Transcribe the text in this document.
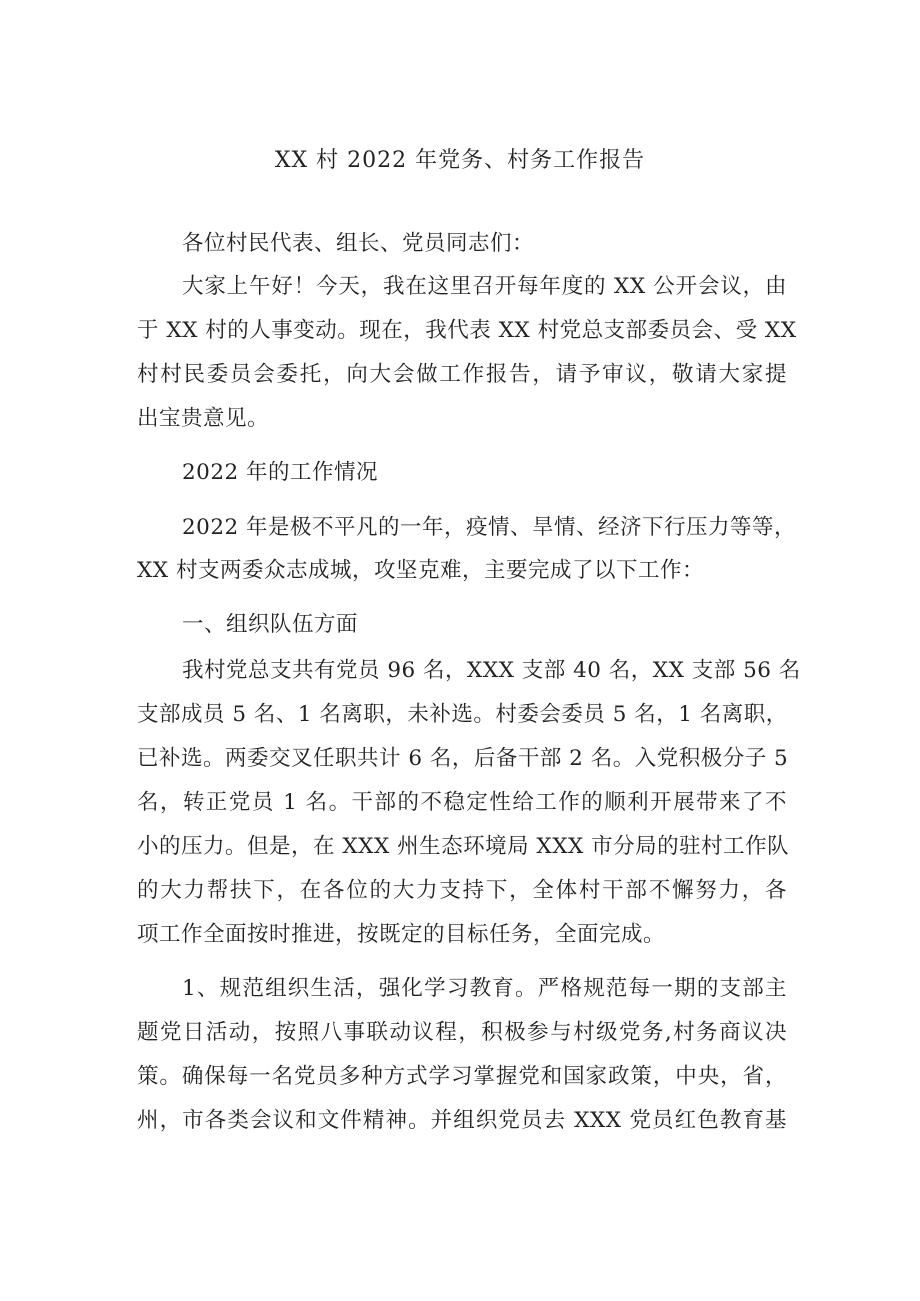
XX 村 2022 年党务、村务工作报告
各位村民代表、组长、党员同志们：
大家上午好！今天，我在这里召开每年度的 XX 公开会议，由
于 XX 村的人事变动。现在，我代表 XX 村党总支部委员会、受 XX
村村民委员会委托，向大会做工作报告，请予审议，敬请大家提
出宝贵意见。
2022 年的工作情况
2022 年是极不平凡的一年，疫情、旱情、经济下行压力等等，
XX 村支两委众志成城，攻坚克难，主要完成了以下工作：
一、组织队伍方面
我村党总支共有党员 96 名，XXX 支部 40 名，XX 支部 56 名
支部成员 5 名、1 名离职，未补选。村委会委员 5 名，1 名离职，
已补选。两委交叉任职共计 6 名，后备干部 2 名。入党积极分子 5
名，转正党员 1 名。干部的不稳定性给工作的顺利开展带来了不
小的压力。但是，在 XXX 州生态环境局 XXX 市分局的驻村工作队
的大力帮扶下，在各位的大力支持下，全体村干部不懈努力，各
项工作全面按时推进，按既定的目标任务，全面完成。
1、规范组织生活，强化学习教育。严格规范每一期的支部主
题党日活动，按照八事联动议程，积极参与村级党务,村务商议决
策。确保每一名党员多种方式学习掌握党和国家政策，中央，省，
州，市各类会议和文件精神。并组织党员去 XXX 党员红色教育基
